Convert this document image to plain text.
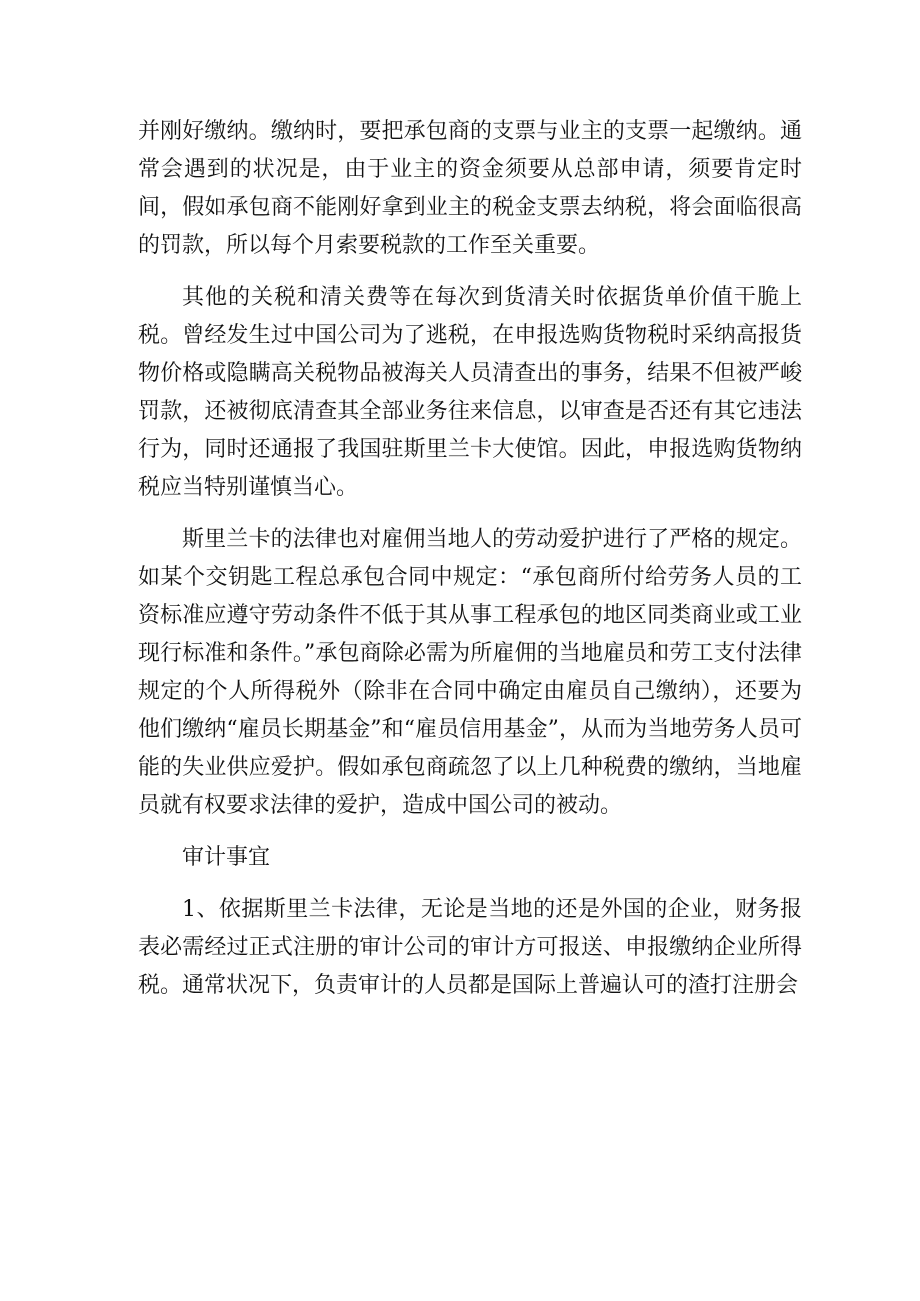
并刚好缴纳。缴纳时，要把承包商的支票与业主的支票一起缴纳。通常会遇到的状况是，由于业主的资金须要从总部申请，须要肯定时间，假如承包商不能刚好拿到业主的税金支票去纳税，将会面临很高的罚款，所以每个月索要税款的工作至关重要。

其他的关税和清关费等在每次到货清关时依据货单价值干脆上税。曾经发生过中国公司为了逃税，在申报选购货物税时采纳高报货物价格或隐瞒高关税物品被海关人员清查出的事务，结果不但被严峻罚款，还被彻底清查其全部业务往来信息，以审查是否还有其它违法行为，同时还通报了我国驻斯里兰卡大使馆。因此，申报选购货物纳税应当特别谨慎当心。

斯里兰卡的法律也对雇佣当地人的劳动爱护进行了严格的规定。如某个交钥匙工程总承包合同中规定：“承包商所付给劳务人员的工资标准应遵守劳动条件不低于其从事工程承包的地区同类商业或工业现行标准和条件。”承包商除必需为所雇佣的当地雇员和劳工支付法律规定的个人所得税外（除非在合同中确定由雇员自己缴纳），还要为他们缴纳“雇员长期基金”和“雇员信用基金”，从而为当地劳务人员可能的失业供应爱护。假如承包商疏忽了以上几种税费的缴纳，当地雇员就有权要求法律的爱护，造成中国公司的被动。

审计事宜

1、依据斯里兰卡法律，无论是当地的还是外国的企业，财务报表必需经过正式注册的审计公司的审计方可报送、申报缴纳企业所得税。通常状况下，负责审计的人员都是国际上普遍认可的渣打注册会
